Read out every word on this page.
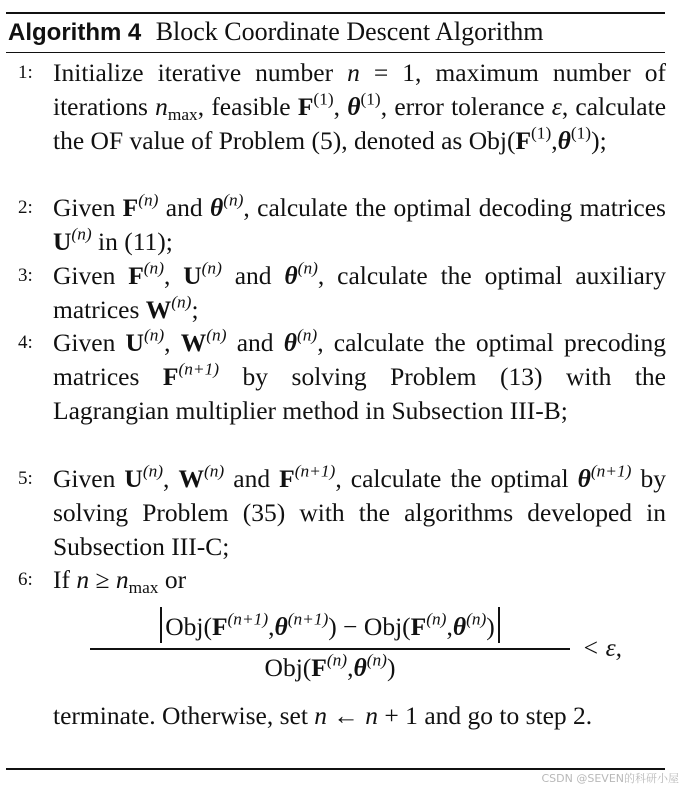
Algorithm 4 Block Coordinate Descent Algorithm
1: Initialize iterative number n = 1, maximum number of iterations $n_{max}$, feasible $F^{(1)}$, $\theta^{(1)}$, error tolerance ε, calculate the OF value of Problem (5), denoted as $Obj(F^{(1)},\theta^{(1)})$;
2: Given $F^{(n)}$ and $\theta^{(n)}$, calculate the optimal decoding matrices $U^{(n)}$ in (11);
3: Given $F^{(n)}$, $U^{(n)}$ and $\theta^{(n)}$, calculate the optimal auxiliary matrices $W^{(n)}$;
4: Given $U^{(n)}$, $W^{(n)}$ and $\theta^{(n)}$, calculate the optimal precoding matrices $F^{(n+1)}$ by solving Problem (13) with the Lagrangian multiplier method in Subsection III-B;
5: Given $U^{(n)}$, $W^{(n)}$ and $F^{(n+1)}$, calculate the optimal $\theta^{(n+1)}$ by solving Problem (35) with the algorithms developed in Subsection III-C;
6: If $n \ge n_{max}$ or
$Obj(F^{(n+1)},\theta^{(n+1)}) - Obj(F^{(n)},\theta^{(n)})$
$Obj(F^{(n)},\theta^{(n)})$
< ε,
terminate. Otherwise, set n ← n + 1 and go to step 2.
CSDN @SEVEN的科研小屋
